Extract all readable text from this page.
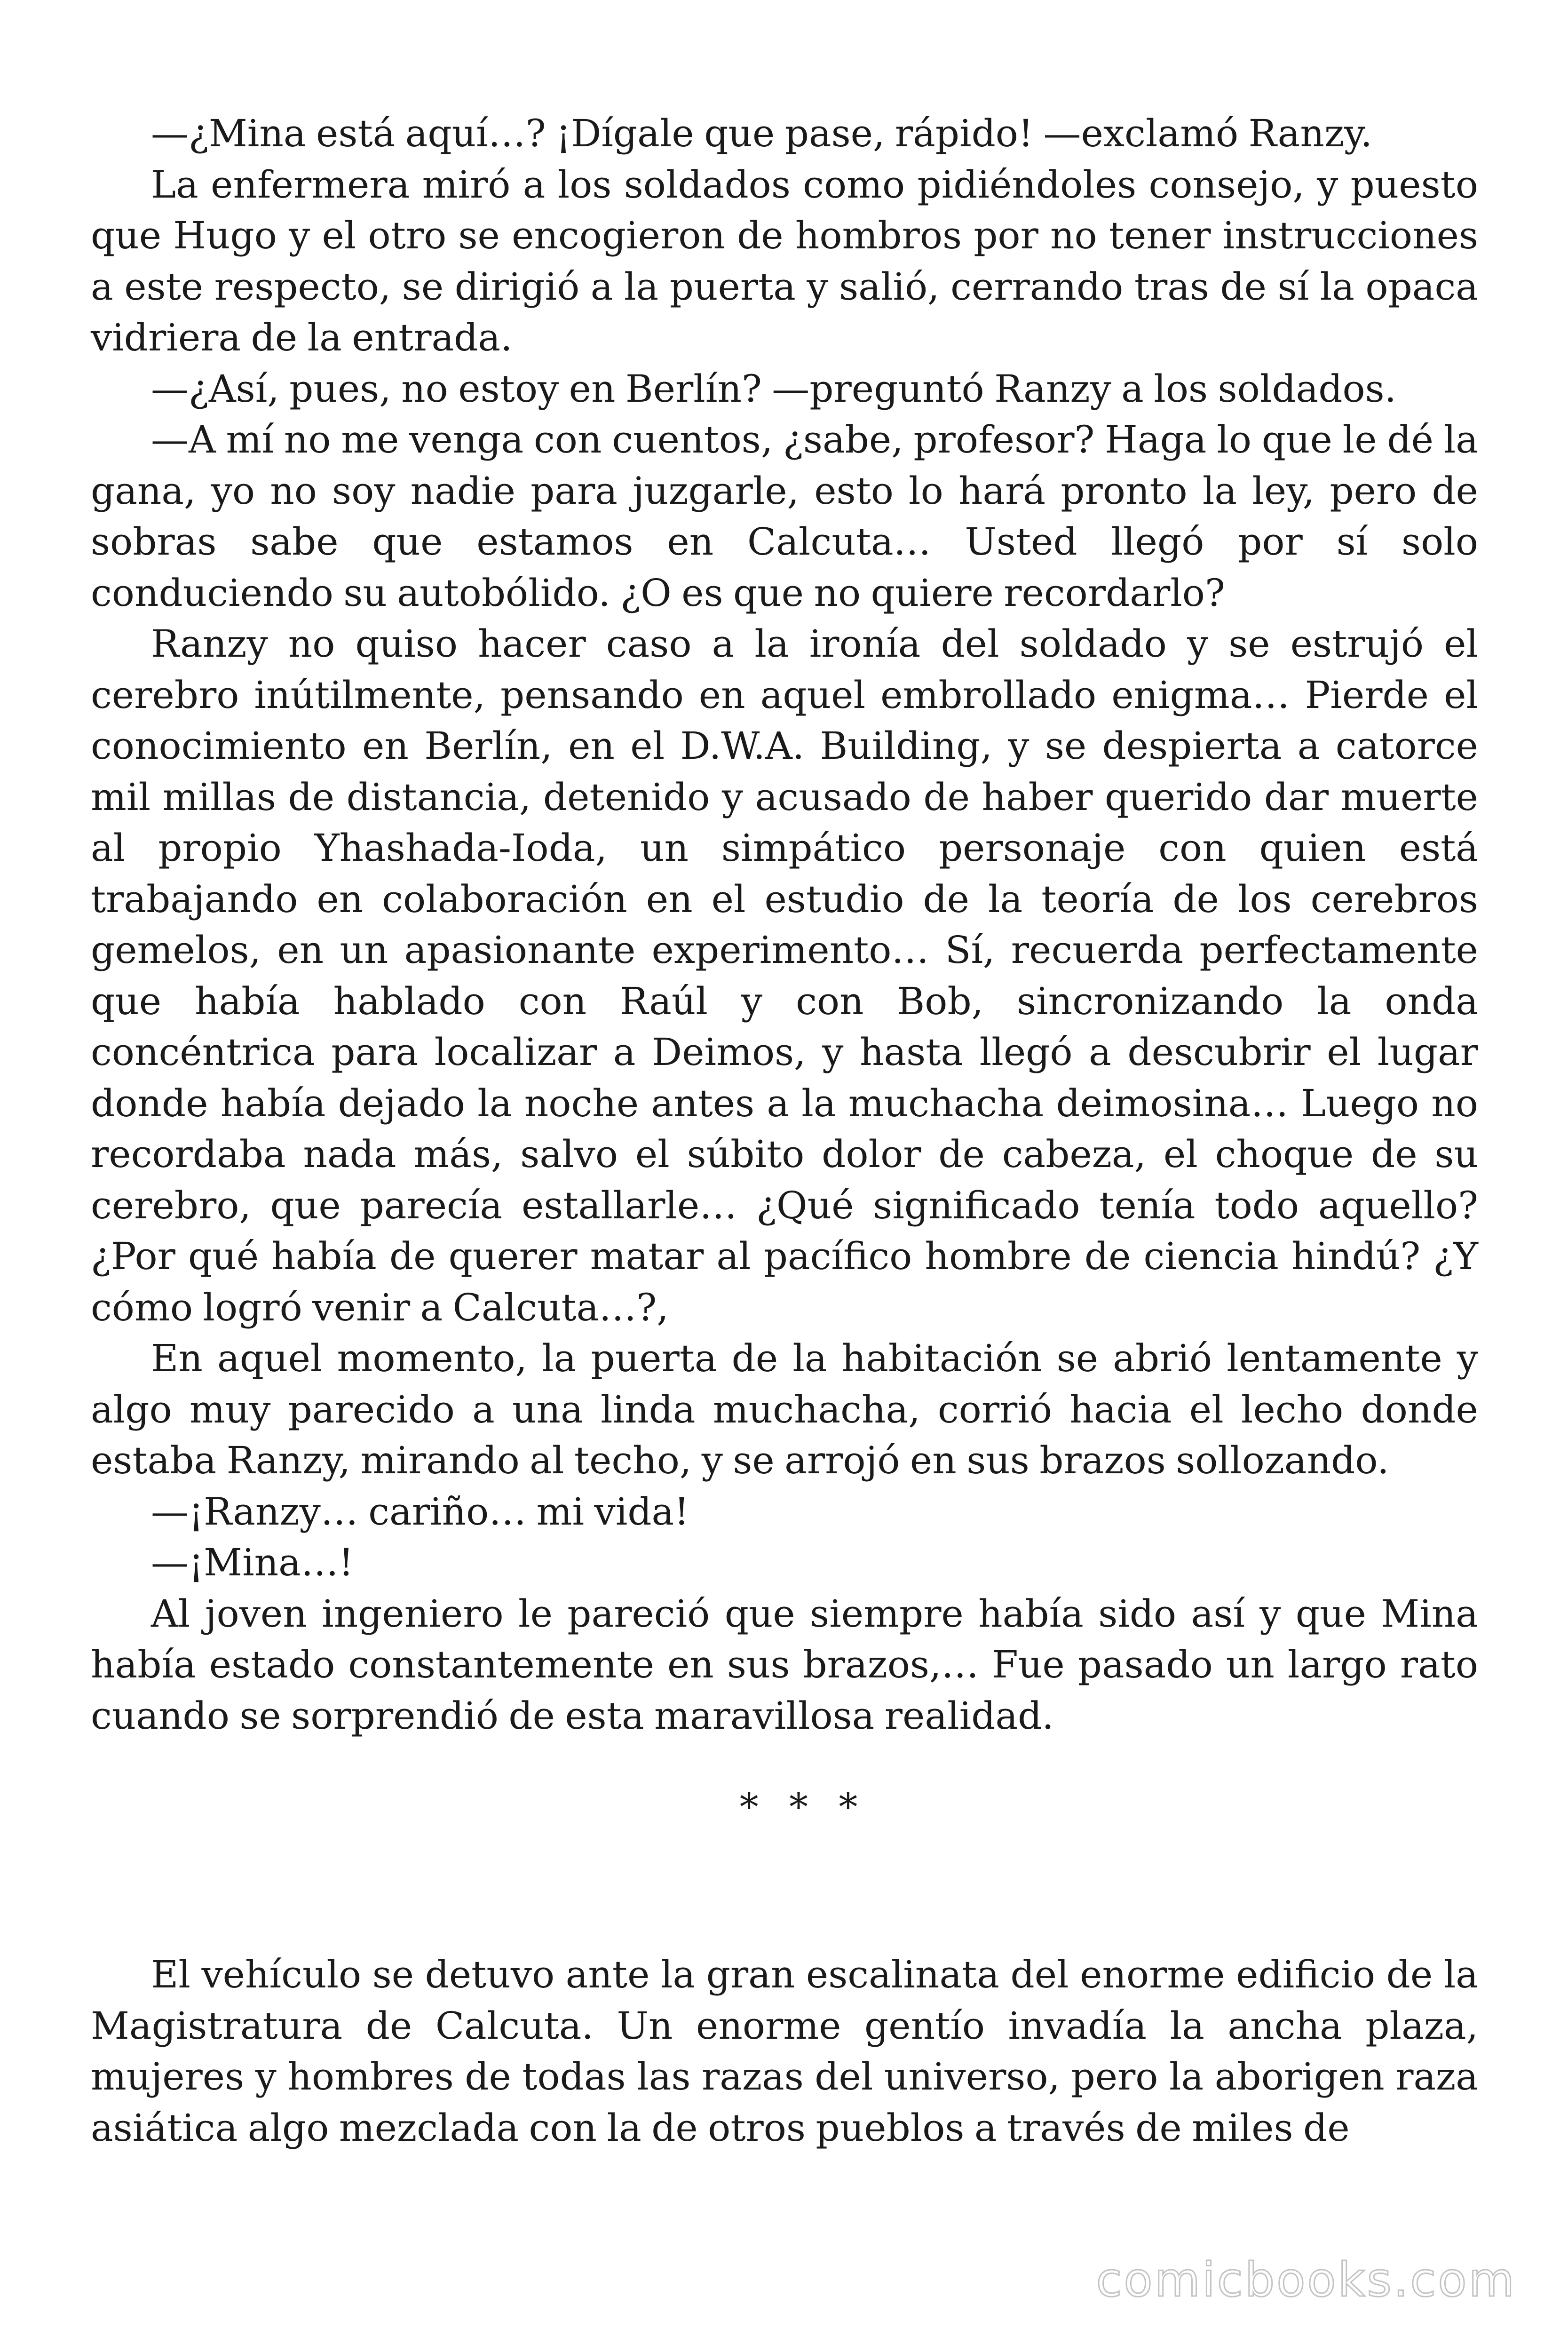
—¿Mina está aquí…? ¡Dígale que pase, rápido! —exclamó Ranzy.

La enfermera miró a los soldados como pidiéndoles consejo, y puesto que Hugo y el otro se encogieron de hombros por no tener instrucciones a este respecto, se dirigió a la puerta y salió, cerrando tras de sí la opaca vidriera de la entrada.

—¿Así, pues, no estoy en Berlín? —preguntó Ranzy a los soldados.

—A mí no me venga con cuentos, ¿sabe, profesor? Haga lo que le dé la gana, yo no soy nadie para juzgarle, esto lo hará pronto la ley, pero de sobras sabe que estamos en Calcuta… Usted llegó por sí solo conduciendo su autobólido. ¿O es que no quiere recordarlo?

Ranzy no quiso hacer caso a la ironía del soldado y se estrujó el cerebro inútilmente, pensando en aquel embrollado enigma… Pierde el conocimiento en Berlín, en el D.W.A. Building, y se despierta a catorce mil millas de distancia, detenido y acusado de haber querido dar muerte al propio Yhashada-Ioda, un simpático personaje con quien está trabajando en colaboración en el estudio de la teoría de los cerebros gemelos, en un apasionante experimento… Sí, recuerda perfectamente que había hablado con Raúl y con Bob, sincronizando la onda concéntrica para localizar a Deimos, y hasta llegó a descubrir el lugar donde había dejado la noche antes a la muchacha deimosina… Luego no recordaba nada más, salvo el súbito dolor de cabeza, el choque de su cerebro, que parecía estallarle… ¿Qué significado tenía todo aquello? ¿Por qué había de querer matar al pacífico hombre de ciencia hindú? ¿Y cómo logró venir a Calcuta…?,

En aquel momento, la puerta de la habitación se abrió lentamente y algo muy parecido a una linda muchacha, corrió hacia el lecho donde estaba Ranzy, mirando al techo, y se arrojó en sus brazos sollozando.

—¡Ranzy… cariño… mi vida!

—¡Mina…!

Al joven ingeniero le pareció que siempre había sido así y que Mina había estado constantemente en sus brazos,… Fue pasado un largo rato cuando se sorprendió de esta maravillosa realidad.

* * *

El vehículo se detuvo ante la gran escalinata del enorme edificio de la Magistratura de Calcuta. Un enorme gentío invadía la ancha plaza, mujeres y hombres de todas las razas del universo, pero la aborigen raza asiática algo mezclada con la de otros pueblos a través de miles de

comicbooks.com
